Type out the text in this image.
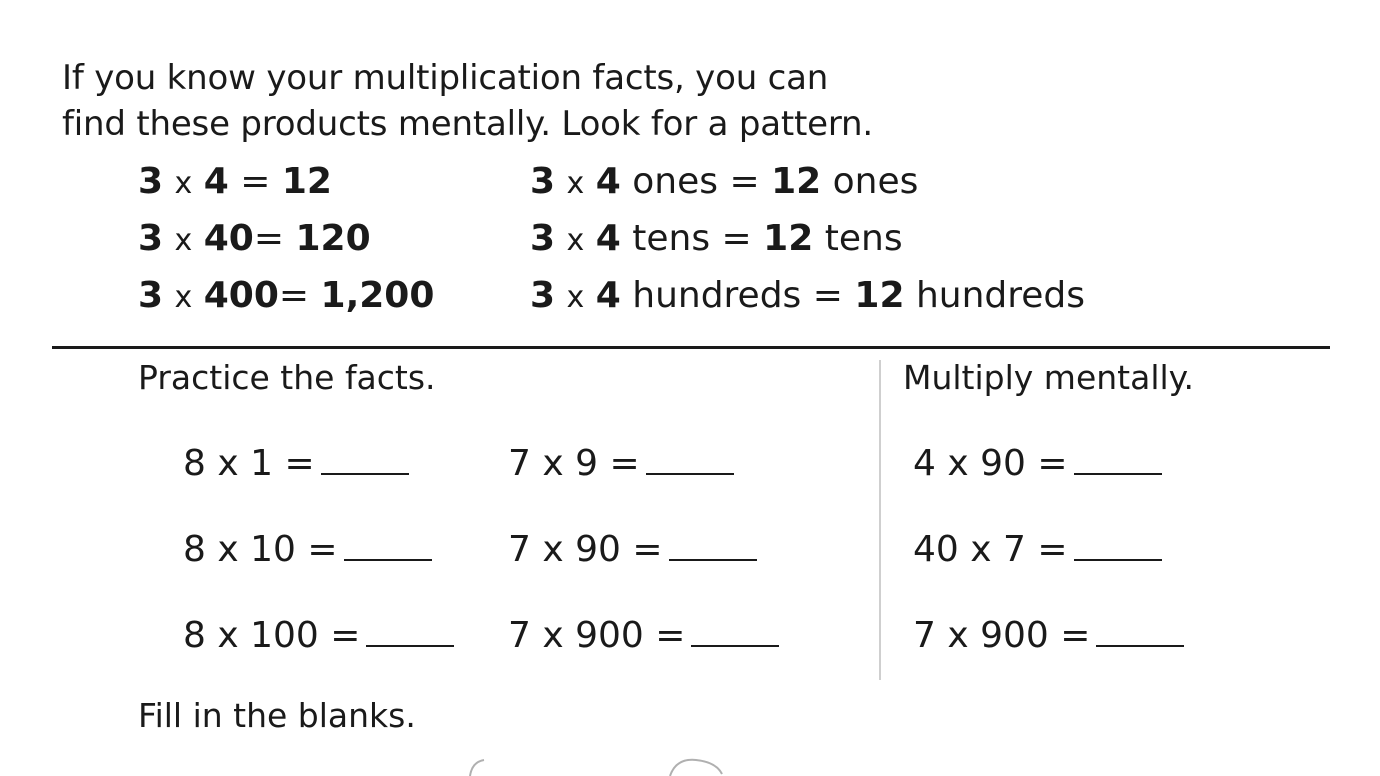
If you know your multiplication facts, you can
find these products mentally. Look for a pattern.
3 x 4 = 12
3 x 40= 120
3 x 400= 1,200
3 x 4 ones = 12 ones
3 x 4 tens = 12 tens
3 x 4 hundreds = 12 hundreds
Practice the facts.	Multiply mentally.
8 x 1 =
8 x 10 =
8 x 100 =
7 x 9 =
7 x 90 =
7 x 900 =
4 x 90 =
40 x 7 =
7 x 900 =
Fill in the blanks.
